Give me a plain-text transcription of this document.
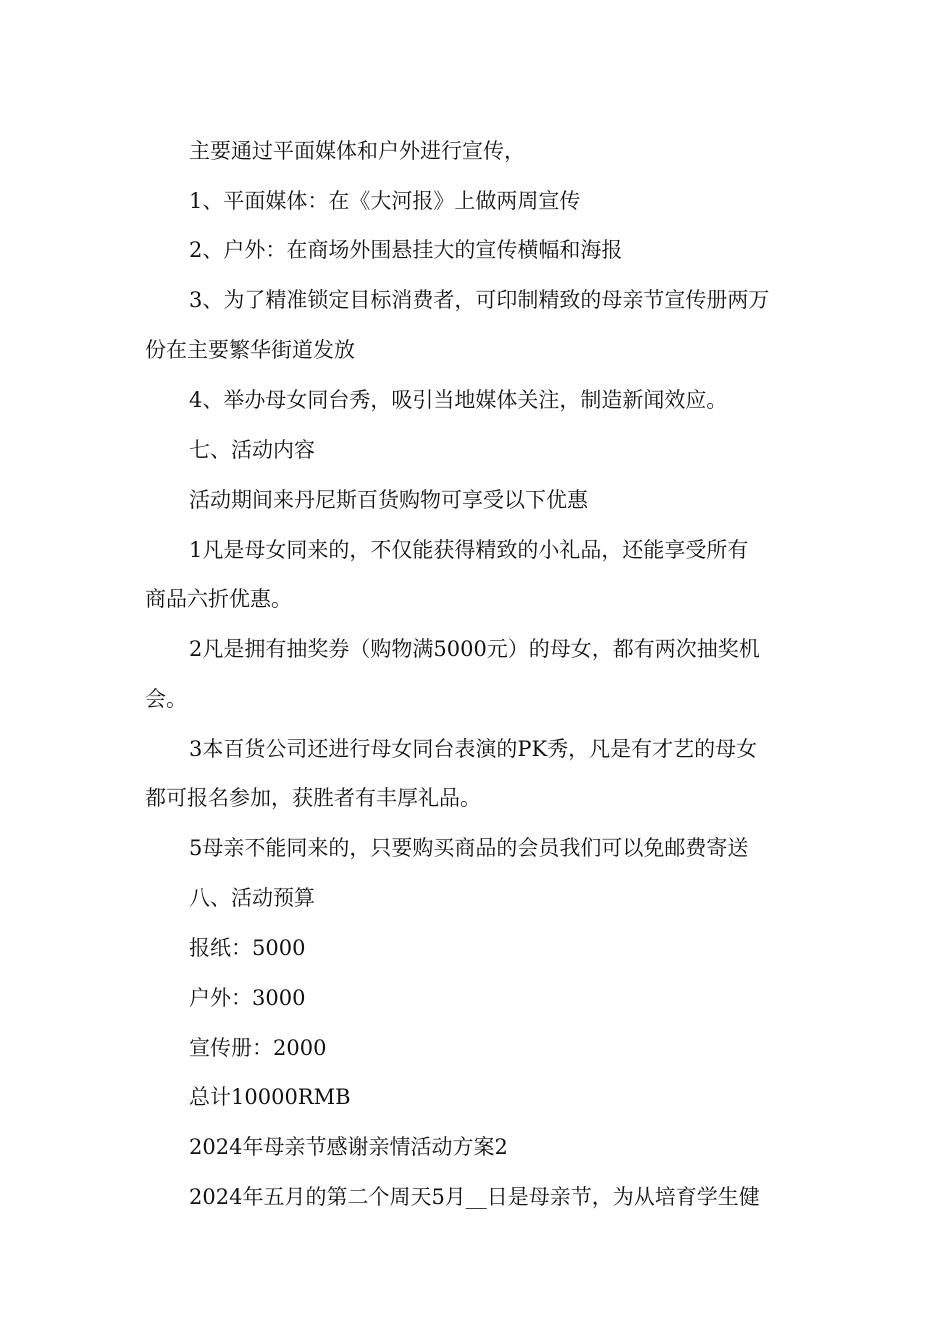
主要通过平面媒体和户外进行宣传，

1、平面媒体：在《大河报》上做两周宣传

2、户外：在商场外围悬挂大的宣传横幅和海报

3、为了精准锁定目标消费者，可印制精致的母亲节宣传册两万

份在主要繁华街道发放

4、举办母女同台秀，吸引当地媒体关注，制造新闻效应。

七、活动内容

活动期间来丹尼斯百货购物可享受以下优惠

1凡是母女同来的，不仅能获得精致的小礼品，还能享受所有

商品六折优惠。

2凡是拥有抽奖券（购物满5000元）的母女，都有两次抽奖机

会。

3本百货公司还进行母女同台表演的PK秀，凡是有才艺的母女

都可报名参加，获胜者有丰厚礼品。

5母亲不能同来的，只要购买商品的会员我们可以免邮费寄送

八、活动预算

报纸：5000

户外：3000

宣传册：2000

总计10000RMB

2024年母亲节感谢亲情活动方案2

2024年五月的第二个周天5月__日是母亲节，为从培育学生健
